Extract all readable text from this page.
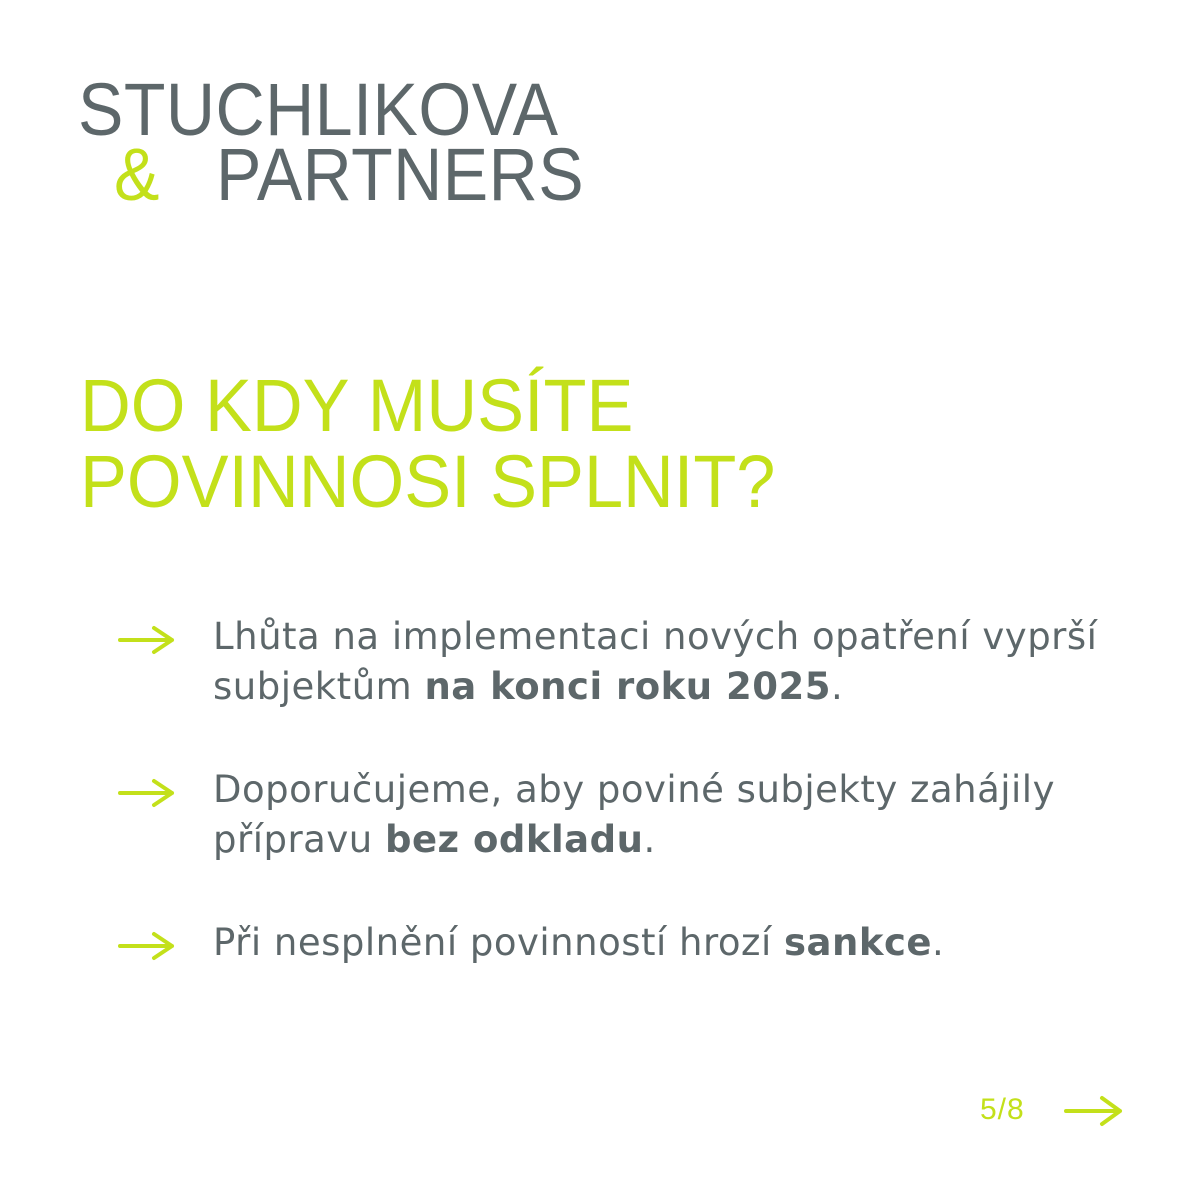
STUCHLIKOVA
& PARTNERS
DO KDY MUSÍTE
POVINNOSI SPLNIT?
Lhůta na implementaci nových opatření vyprší subjektům na konci roku 2025.
Doporučujeme, aby poviné subjekty zahájily přípravu bez odkladu.
Při nesplnění povinností hrozí sankce.
5/8
